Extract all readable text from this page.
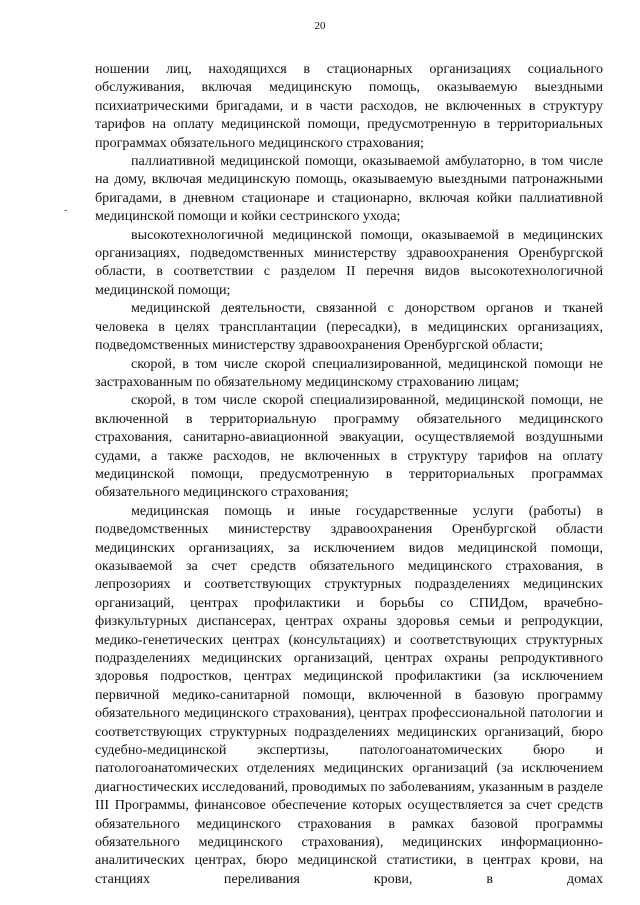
20
-

ношении лиц, находящихся в стационарных организациях социального обслуживания, включая медицинскую помощь, оказываемую выездными психиатрическими бригадами, и в части расходов, не включенных в структуру тарифов на оплату медицинской помощи, предусмотренную в территориальных программах обязательного медицинского страхования;

паллиативной медицинской помощи, оказываемой амбулаторно, в том числе на дому, включая медицинскую помощь, оказываемую выездными патронажными бригадами, в дневном стационаре и стационарно, включая койки паллиативной медицинской помощи и койки сестринского ухода;

высокотехнологичной медицинской помощи, оказываемой в медицинских организациях, подведомственных министерству здравоохранения Оренбургской области, в соответствии с разделом II перечня видов высокотехнологичной медицинской помощи;

медицинской деятельности, связанной с донорством органов и тканей человека в целях трансплантации (пересадки), в медицинских организациях, подведомственных министерству здравоохранения Оренбургской области;

скорой, в том числе скорой специализированной, медицинской помощи не застрахованным по обязательному медицинскому страхованию лицам;

скорой, в том числе скорой специализированной, медицинской помощи, не включенной в территориальную программу обязательного медицинского страхования, санитарно-авиационной эвакуации, осуществляемой воздушными судами, а также расходов, не включенных в структуру тарифов на оплату медицинской помощи, предусмотренную в территориальных программах обязательного медицинского страхования;

медицинская помощь и иные государственные услуги (работы) в подведомственных министерству здравоохранения Оренбургской области медицинских организациях, за исключением видов медицинской помощи, оказываемой за счет средств обязательного медицинского страхования, в лепрозориях и соответствующих структурных подразделениях медицинских организаций, центрах профилактики и борьбы со СПИДом, врачебно-физкультурных диспансерах, центрах охраны здоровья семьи и репродукции, медико-генетических центрах (консультациях) и соответствующих структурных подразделениях медицинских организаций, центрах охраны репродуктивного здоровья подростков, центрах медицинской профилактики (за исключением первичной медико-санитарной помощи, включенной в базовую программу обязательного медицинского страхования), центрах профессиональной патологии и соответствующих структурных подразделениях медицинских организаций, бюро судебно-медицинской экспертизы, патологоанатомических бюро и патологоанатомических отделениях медицинских организаций (за исключением диагностических исследований, проводимых по заболеваниям, указанным в разделе III Программы, финансовое обеспечение которых осуществляется за счет средств обязательного медицинского страхования в рамках базовой программы обязательного медицинского страхования), медицинских информационно-аналитических центрах, бюро медицинской статистики, в центрах крови, на станциях переливания крови, в домах
